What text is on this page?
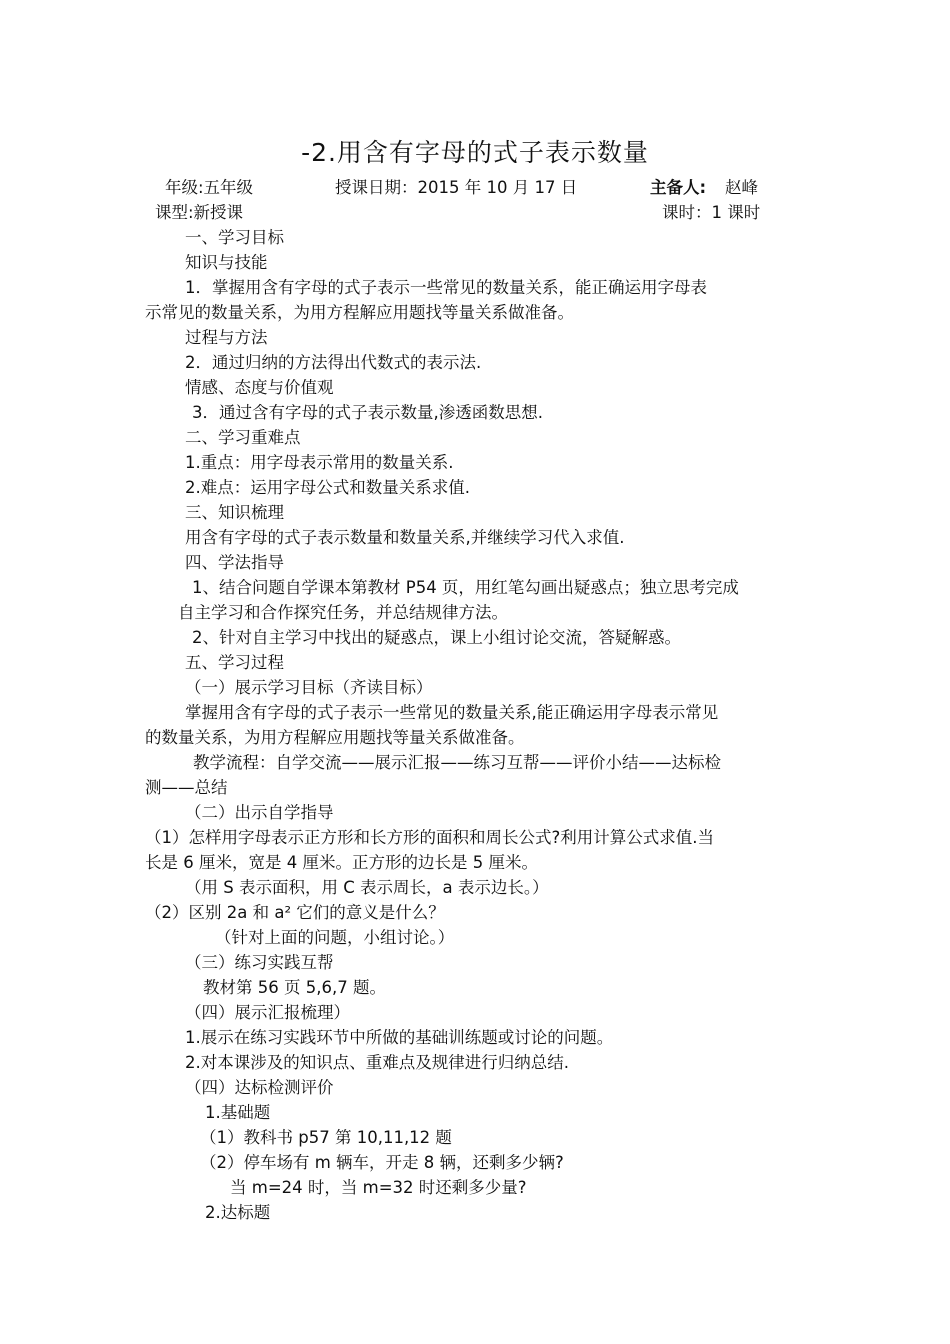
-2.用含有字母的式子表示数量
年级:五年级	授课日期：2015 年 10 月 17 日	主备人: 赵峰
课型:新授课	课时：1 课时
一、学习目标
知识与技能
1．掌握用含有字母的式子表示一些常见的数量关系，能正确运用字母表
示常见的数量关系，为用方程解应用题找等量关系做准备。
过程与方法
2．通过归纳的方法得出代数式的表示法.
情感、态度与价值观
3．通过含有字母的式子表示数量,渗透函数思想.
二、学习重难点
1.重点：用字母表示常用的数量关系.
2.难点：运用字母公式和数量关系求值.
三、知识梳理
用含有字母的式子表示数量和数量关系,并继续学习代入求值.
四、学法指导
1、结合问题自学课本第教材 P54 页，用红笔勾画出疑惑点；独立思考完成
自主学习和合作探究任务，并总结规律方法。
2、针对自主学习中找出的疑惑点，课上小组讨论交流，答疑解惑。
五、学习过程
（一）展示学习目标（齐读目标）
掌握用含有字母的式子表示一些常见的数量关系,能正确运用字母表示常见
的数量关系，为用方程解应用题找等量关系做准备。
教学流程：自学交流——展示汇报——练习互帮——评价小结——达标检
测——总结
（二）出示自学指导
（1）怎样用字母表示正方形和长方形的面积和周长公式?利用计算公式求值.当
长是 6 厘米，宽是 4 厘米。正方形的边长是 5 厘米。
（用 S 表示面积，用 C 表示周长，a 表示边长。）
（2）区别 2a 和 a² 它们的意义是什么？
（针对上面的问题，小组讨论。）
（三）练习实践互帮
教材第 56 页 5,6,7 题。
（四）展示汇报梳理）
1.展示在练习实践环节中所做的基础训练题或讨论的问题。
2.对本课涉及的知识点、重难点及规律进行归纳总结.
（四）达标检测评价
1.基础题
（1）教科书 p57 第 10,11,12 题
（2）停车场有 m 辆车，开走 8 辆，还剩多少辆?
当 m=24 时，当 m=32 时还剩多少量?
2.达标题
